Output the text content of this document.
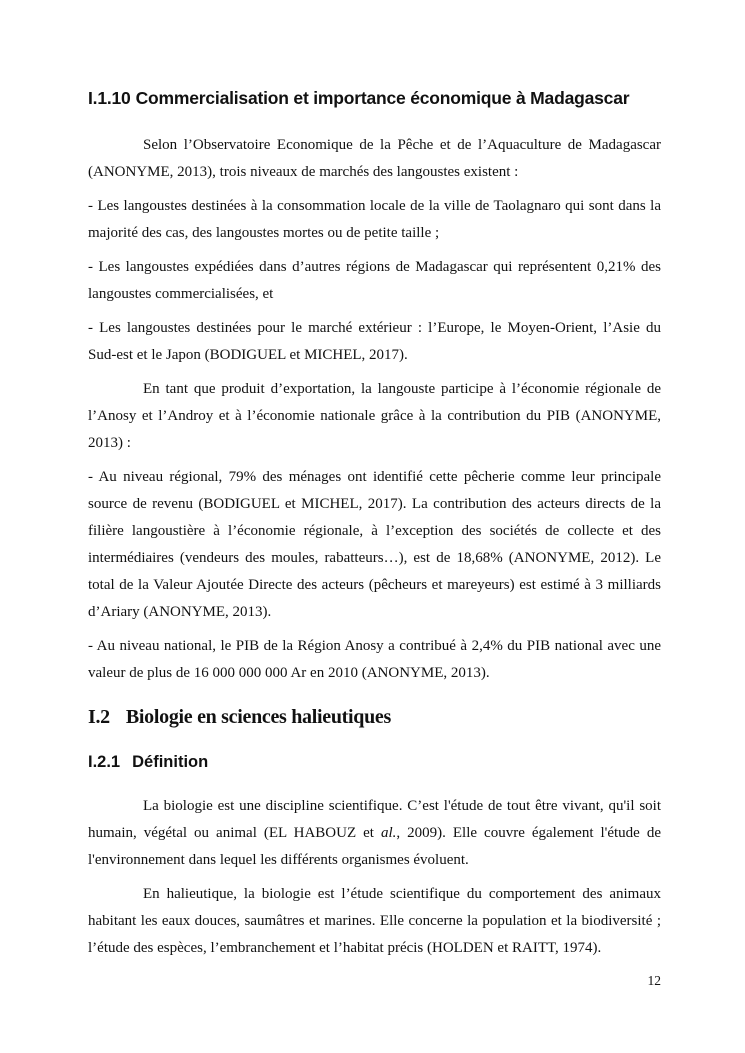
I.1.10 Commercialisation et importance économique à Madagascar

Selon l’Observatoire Economique de la Pêche et de l’Aquaculture de Madagascar (ANONYME, 2013), trois niveaux de marchés des langoustes existent :

- Les langoustes destinées à la consommation locale de la ville de Taolagnaro qui sont dans la majorité des cas, des langoustes mortes ou de petite taille ;

- Les langoustes expédiées dans d’autres régions de Madagascar qui représentent 0,21% des langoustes commercialisées, et

- Les langoustes destinées pour le marché extérieur : l’Europe, le Moyen-Orient, l’Asie du Sud-est et le Japon (BODIGUEL et MICHEL, 2017).

En tant que produit d’exportation, la langouste participe à l’économie régionale de l’Anosy et l’Androy et à l’économie nationale grâce à la contribution du PIB (ANONYME, 2013) :

- Au niveau régional, 79% des ménages ont identifié cette pêcherie comme leur principale source de revenu (BODIGUEL et MICHEL, 2017). La contribution des acteurs directs de la filière langoustière à l’économie régionale, à l’exception des sociétés de collecte et des intermédiaires (vendeurs des moules, rabatteurs…), est de 18,68% (ANONYME, 2012). Le total de la Valeur Ajoutée Directe des acteurs (pêcheurs et mareyeurs) est estimé à 3 milliards d’Ariary (ANONYME, 2013).

- Au niveau national, le PIB de la Région Anosy a contribué à 2,4% du PIB national avec une valeur de plus de 16 000 000 000 Ar en 2010 (ANONYME, 2013).

I.2 Biologie en sciences halieutiques
I.2.1 Définition

La biologie est une discipline scientifique. C’est l'étude de tout être vivant, qu'il soit humain, végétal ou animal (EL HABOUZ et al., 2009). Elle couvre également l'étude de l'environnement dans lequel les différents organismes évoluent.

En halieutique, la biologie est l’étude scientifique du comportement des animaux habitant les eaux douces, saumâtres et marines. Elle concerne la population et la biodiversité ; l’étude des espèces, l’embranchement et l’habitat précis (HOLDEN et RAITT, 1974).

12
